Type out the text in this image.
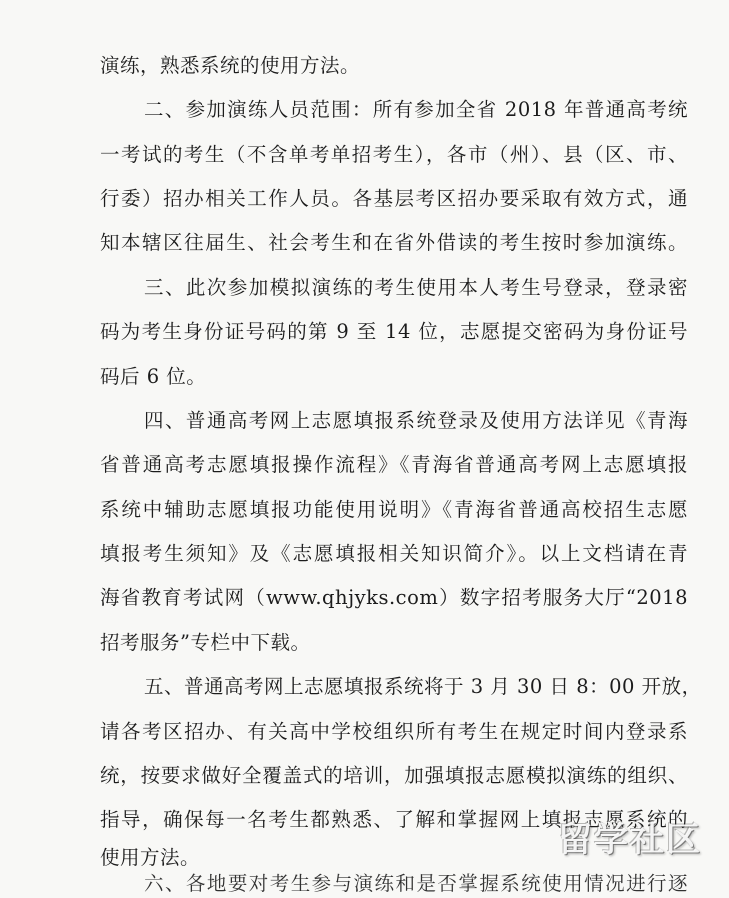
演练，熟悉系统的使用方法。
二、参加演练人员范围：所有参加全省 2018 年普通高考统
一考试的考生（不含单考单招考生），各市（州）、县（区、市、
行委）招办相关工作人员。各基层考区招办要采取有效方式，通
知本辖区往届生、社会考生和在省外借读的考生按时参加演练。
三、此次参加模拟演练的考生使用本人考生号登录，登录密
码为考生身份证号码的第 9 至 14 位，志愿提交密码为身份证号
码后 6 位。
四、普通高考网上志愿填报系统登录及使用方法详见《青海
省普通高考志愿填报操作流程》《青海省普通高考网上志愿填报
系统中辅助志愿填报功能使用说明》《青海省普通高校招生志愿
填报考生须知》及《志愿填报相关知识简介》。以上文档请在青
海省教育考试网（www.qhjyks.com）数字招考服务大厅“2018
招考服务”专栏中下载。
五、普通高考网上志愿填报系统将于 3 月 30 日 8：00 开放，
请各考区招办、有关高中学校组织所有考生在规定时间内登录系
统，按要求做好全覆盖式的培训，加强填报志愿模拟演练的组织、
指导，确保每一名考生都熟悉、了解和掌握网上填报志愿系统的
使用方法。
六、各地要对考生参与演练和是否掌握系统使用情况进行逐
留学社区
